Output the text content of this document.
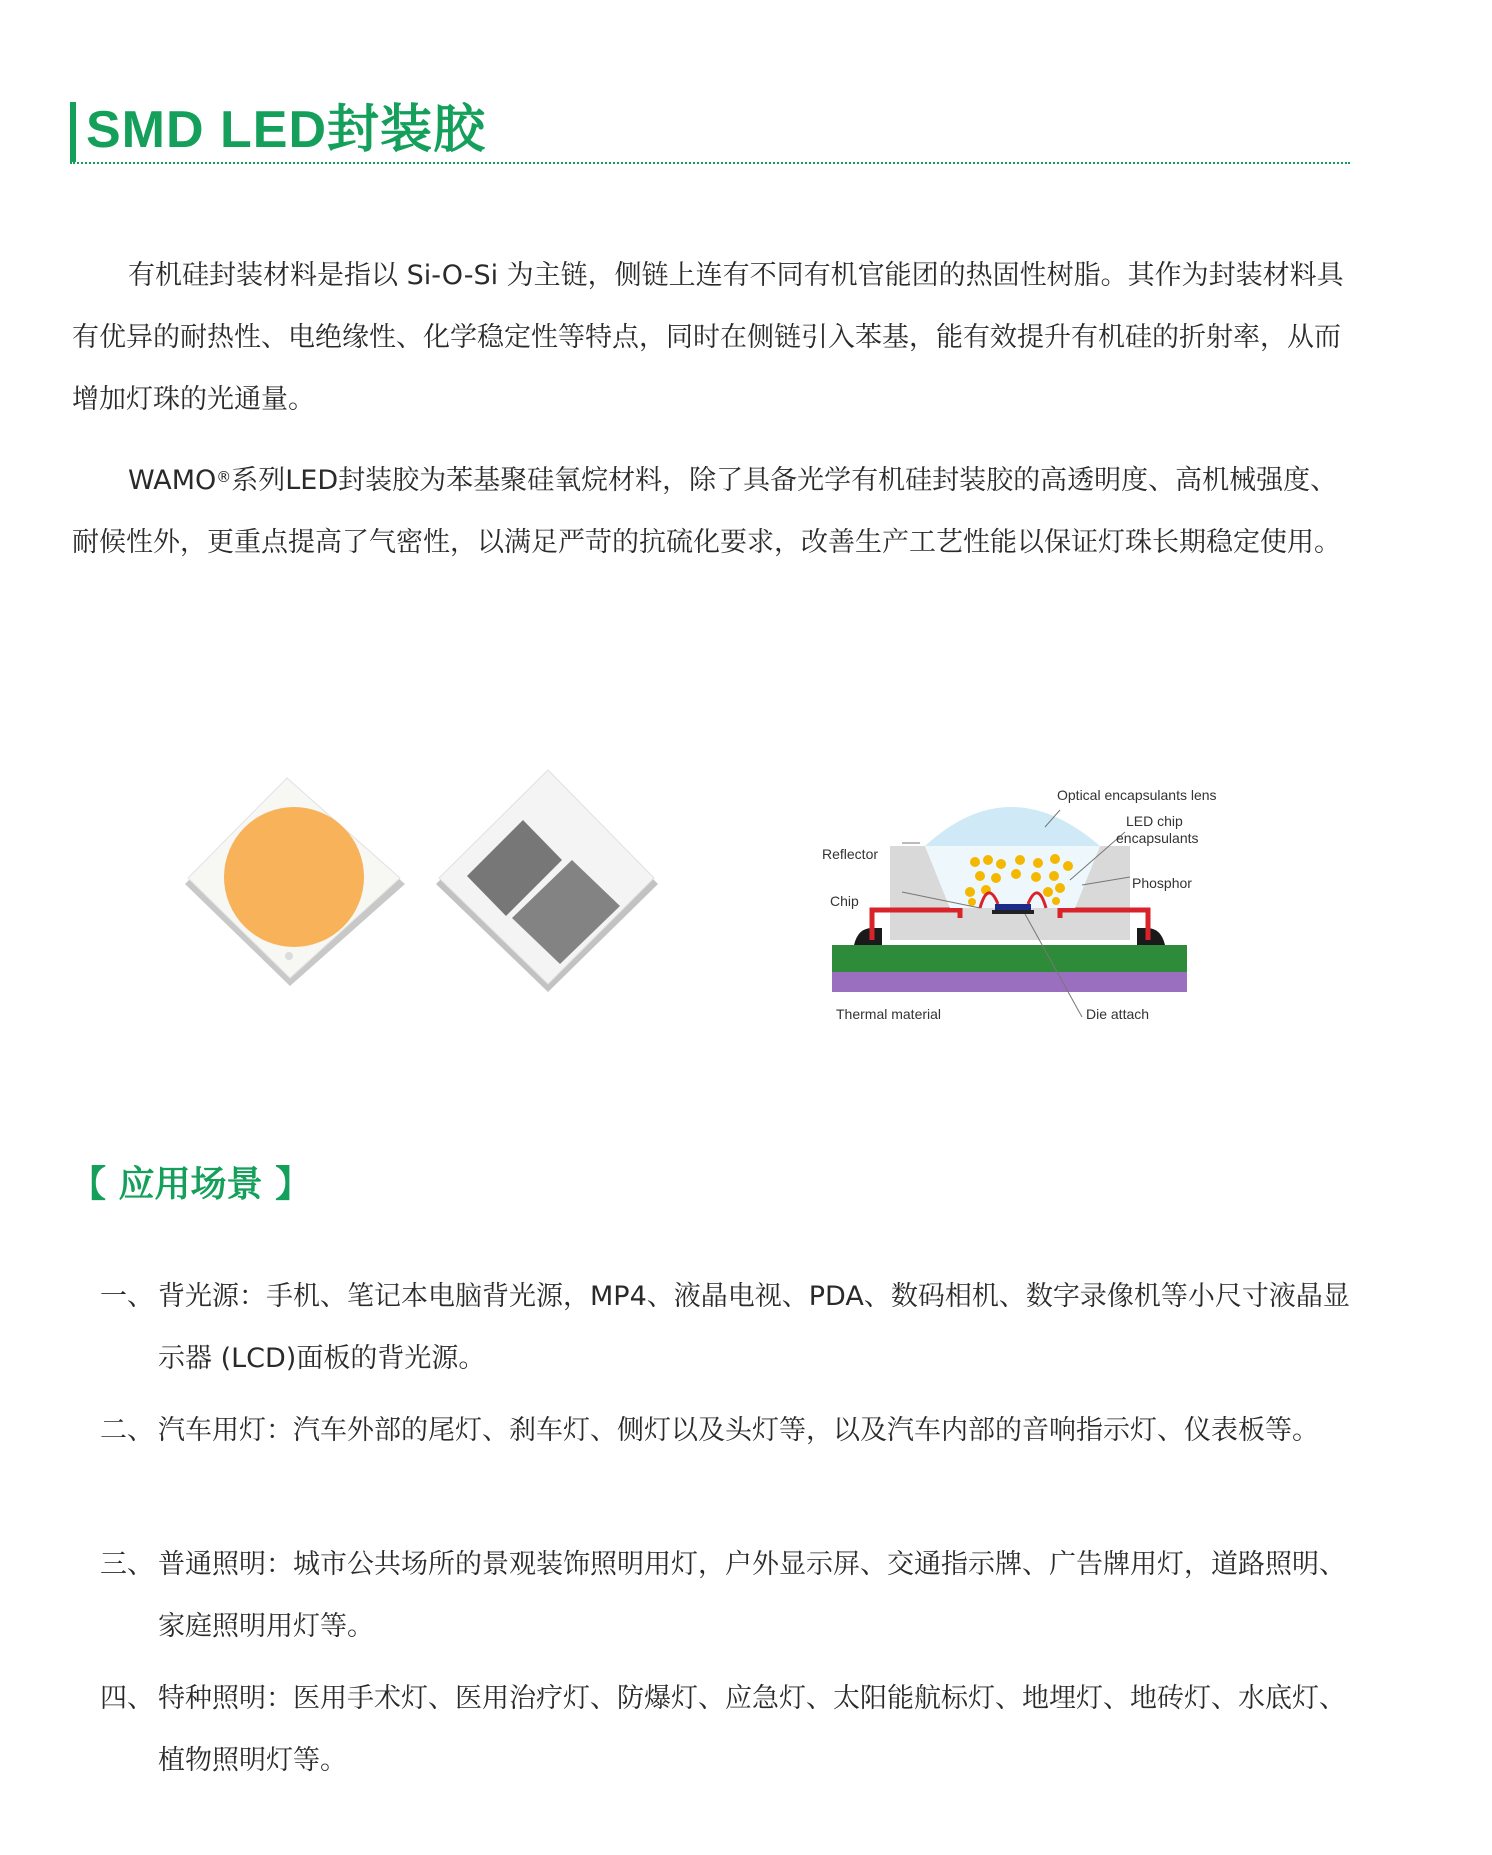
SMD LED封装胶

有机硅封装材料是指以 Si-O-Si 为主链，侧链上连有不同有机官能团的热固性树脂。其作为封装材料具有优异的耐热性、电绝缘性、化学稳定性等特点，同时在侧链引入苯基，能有效提升有机硅的折射率，从而增加灯珠的光通量。

WAMO®系列LED封装胶为苯基聚硅氧烷材料，除了具备光学有机硅封装胶的高透明度、高机械强度、耐候性外，更重点提高了气密性，以满足严苛的抗硫化要求，改善生产工艺性能以保证灯珠长期稳定使用。

Optical encapsulants lens
LED chip
encapsulants
Reflector
Phosphor
Chip
Thermal material	Die attach
【 应用场景 】
一、 背光源：手机、笔记本电脑背光源，MP4、液晶电视、PDA、数码相机、数字录像机等小尺寸液晶显示器 (LCD)面板的背光源。
二、 汽车用灯：汽车外部的尾灯、刹车灯、侧灯以及头灯等，以及汽车内部的音响指示灯、仪表板等。
三、 普通照明：城市公共场所的景观装饰照明用灯，户外显示屏、交通指示牌、广告牌用灯，道路照明、家庭照明用灯等。
四、 特种照明：医用手术灯、医用治疗灯、防爆灯、应急灯、太阳能航标灯、地埋灯、地砖灯、水底灯、植物照明灯等。
